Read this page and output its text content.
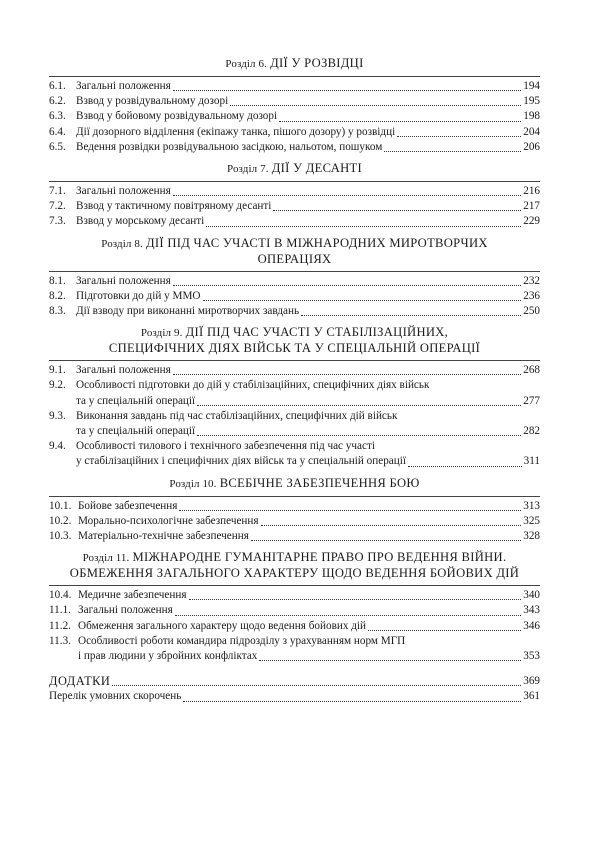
Розділ 6. ДІЇ У РОЗВІДЦІ
6.1. Загальні положення	194
6.2. Взвод у розвідувальному дозорі	195
6.3. Взвод у бойовому розвідувальному дозорі	198
6.4. Дії дозорного відділення (екіпажу танка, пішого дозору) у розвідці	204
6.5. Ведення розвідки розвідувальною засідкою, нальотом, пошуком	206
Розділ 7. ДІЇ У ДЕСАНТІ
7.1. Загальні положення	216
7.2. Взвод у тактичному повітряному десанті	217
7.3. Взвод у морському десанті	229
Розділ 8. ДІЇ ПІД ЧАС УЧАСТІ В МІЖНАРОДНИХ МИРОТВОРЧИХ
ОПЕРАЦІЯХ
8.1. Загальні положення	232
8.2. Підготовки до дій у ММО	236
8.3. Дії взводу при виконанні миротворчих завдань	250
Розділ 9. ДІЇ ПІД ЧАС УЧАСТІ У СТАБІЛІЗАЦІЙНИХ,
СПЕЦИФІЧНИХ ДІЯХ ВІЙСЬК ТА У СПЕЦІАЛЬНІЙ ОПЕРАЦІЇ
9.1. Загальні положення	268
9.2. Особливості підготовки до дій у стабілізаційних, специфічних діях військ
та у спеціальній операції	277
9.3. Виконання завдань під час стабілізаційних, специфічних дій військ
та у спеціальній операції	282
9.4. Особливості тилового і технічного забезпечення під час участі
у стабілізаційних і специфічних діях військ та у спеціальній операції	311
Розділ 10. ВСЕБІЧНЕ ЗАБЕЗПЕЧЕННЯ БОЮ
10.1. Бойове забезпечення	313
10.2. Морально-психологічне забезпечення	325
10.3. Матеріально-технічне забезпечення	328
Розділ 11. МІЖНАРОДНЕ ГУМАНІТАРНЕ ПРАВО ПРО ВЕДЕННЯ ВІЙНИ.
ОБМЕЖЕННЯ ЗАГАЛЬНОГО ХАРАКТЕРУ ЩОДО ВЕДЕННЯ БОЙОВИХ ДІЙ
10.4. Медичне забезпечення	340
11.1. Загальні положення	343
11.2. Обмеження загального характеру щодо ведення бойових дій	346
11.3. Особливості роботи командира підрозділу з урахуванням норм МГП
і прав людини у збройних конфліктах	353
ДОДАТКИ	369
Перелік умовних скорочень	361
